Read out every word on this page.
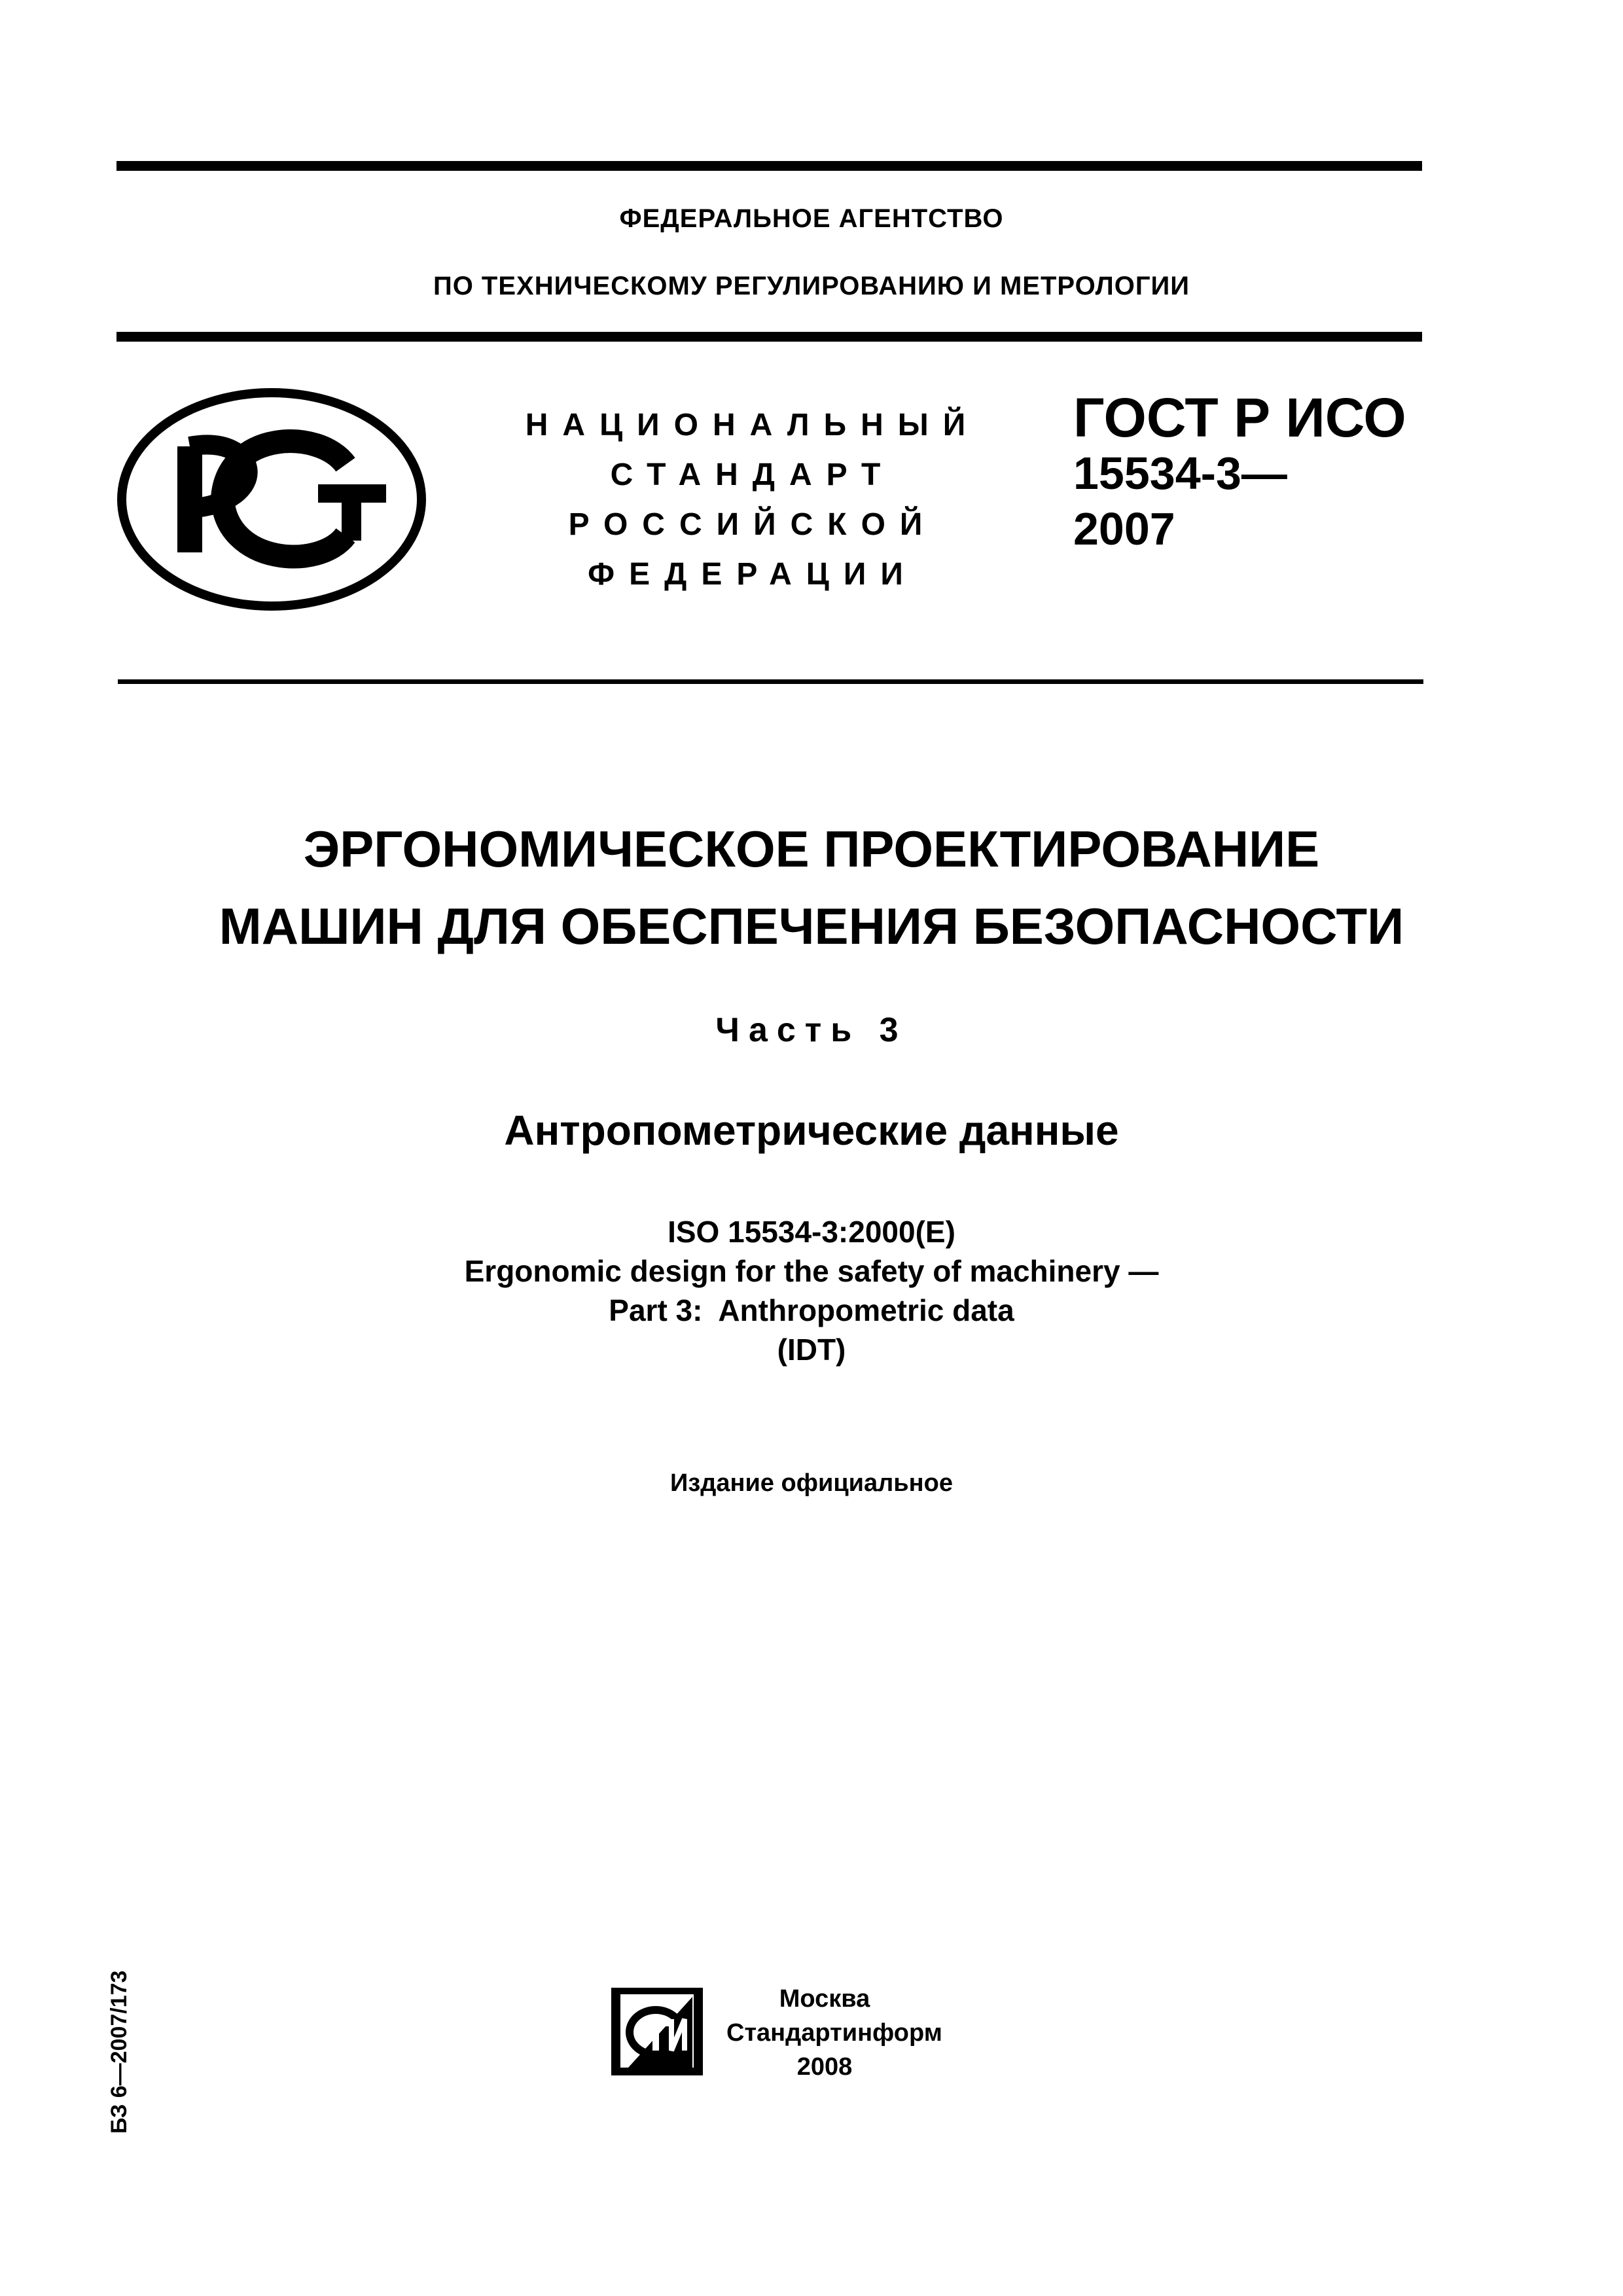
ФЕДЕРАЛЬНОЕ АГЕНТСТВО
ПО ТЕХНИЧЕСКОМУ РЕГУЛИРОВАНИЮ И МЕТРОЛОГИИ
НАЦИОНАЛЬНЫЙ
СТАНДАРТ
РОССИЙСКОЙ
ФЕДЕРАЦИИ
ГОСТ Р ИСО
15534-3—
2007
ЭРГОНОМИЧЕСКОЕ ПРОЕКТИРОВАНИЕ
МАШИН ДЛЯ ОБЕСПЕЧЕНИЯ БЕЗОПАСНОСТИ
Часть 3
Антропометрические данные
ISO 15534-3:2000(E)
Ergonomic design for the safety of machinery —
Part 3:  Anthropometric data
(IDT)
Издание официальное
БЗ 6—2007/173	Москва
Стандартинформ
2008
